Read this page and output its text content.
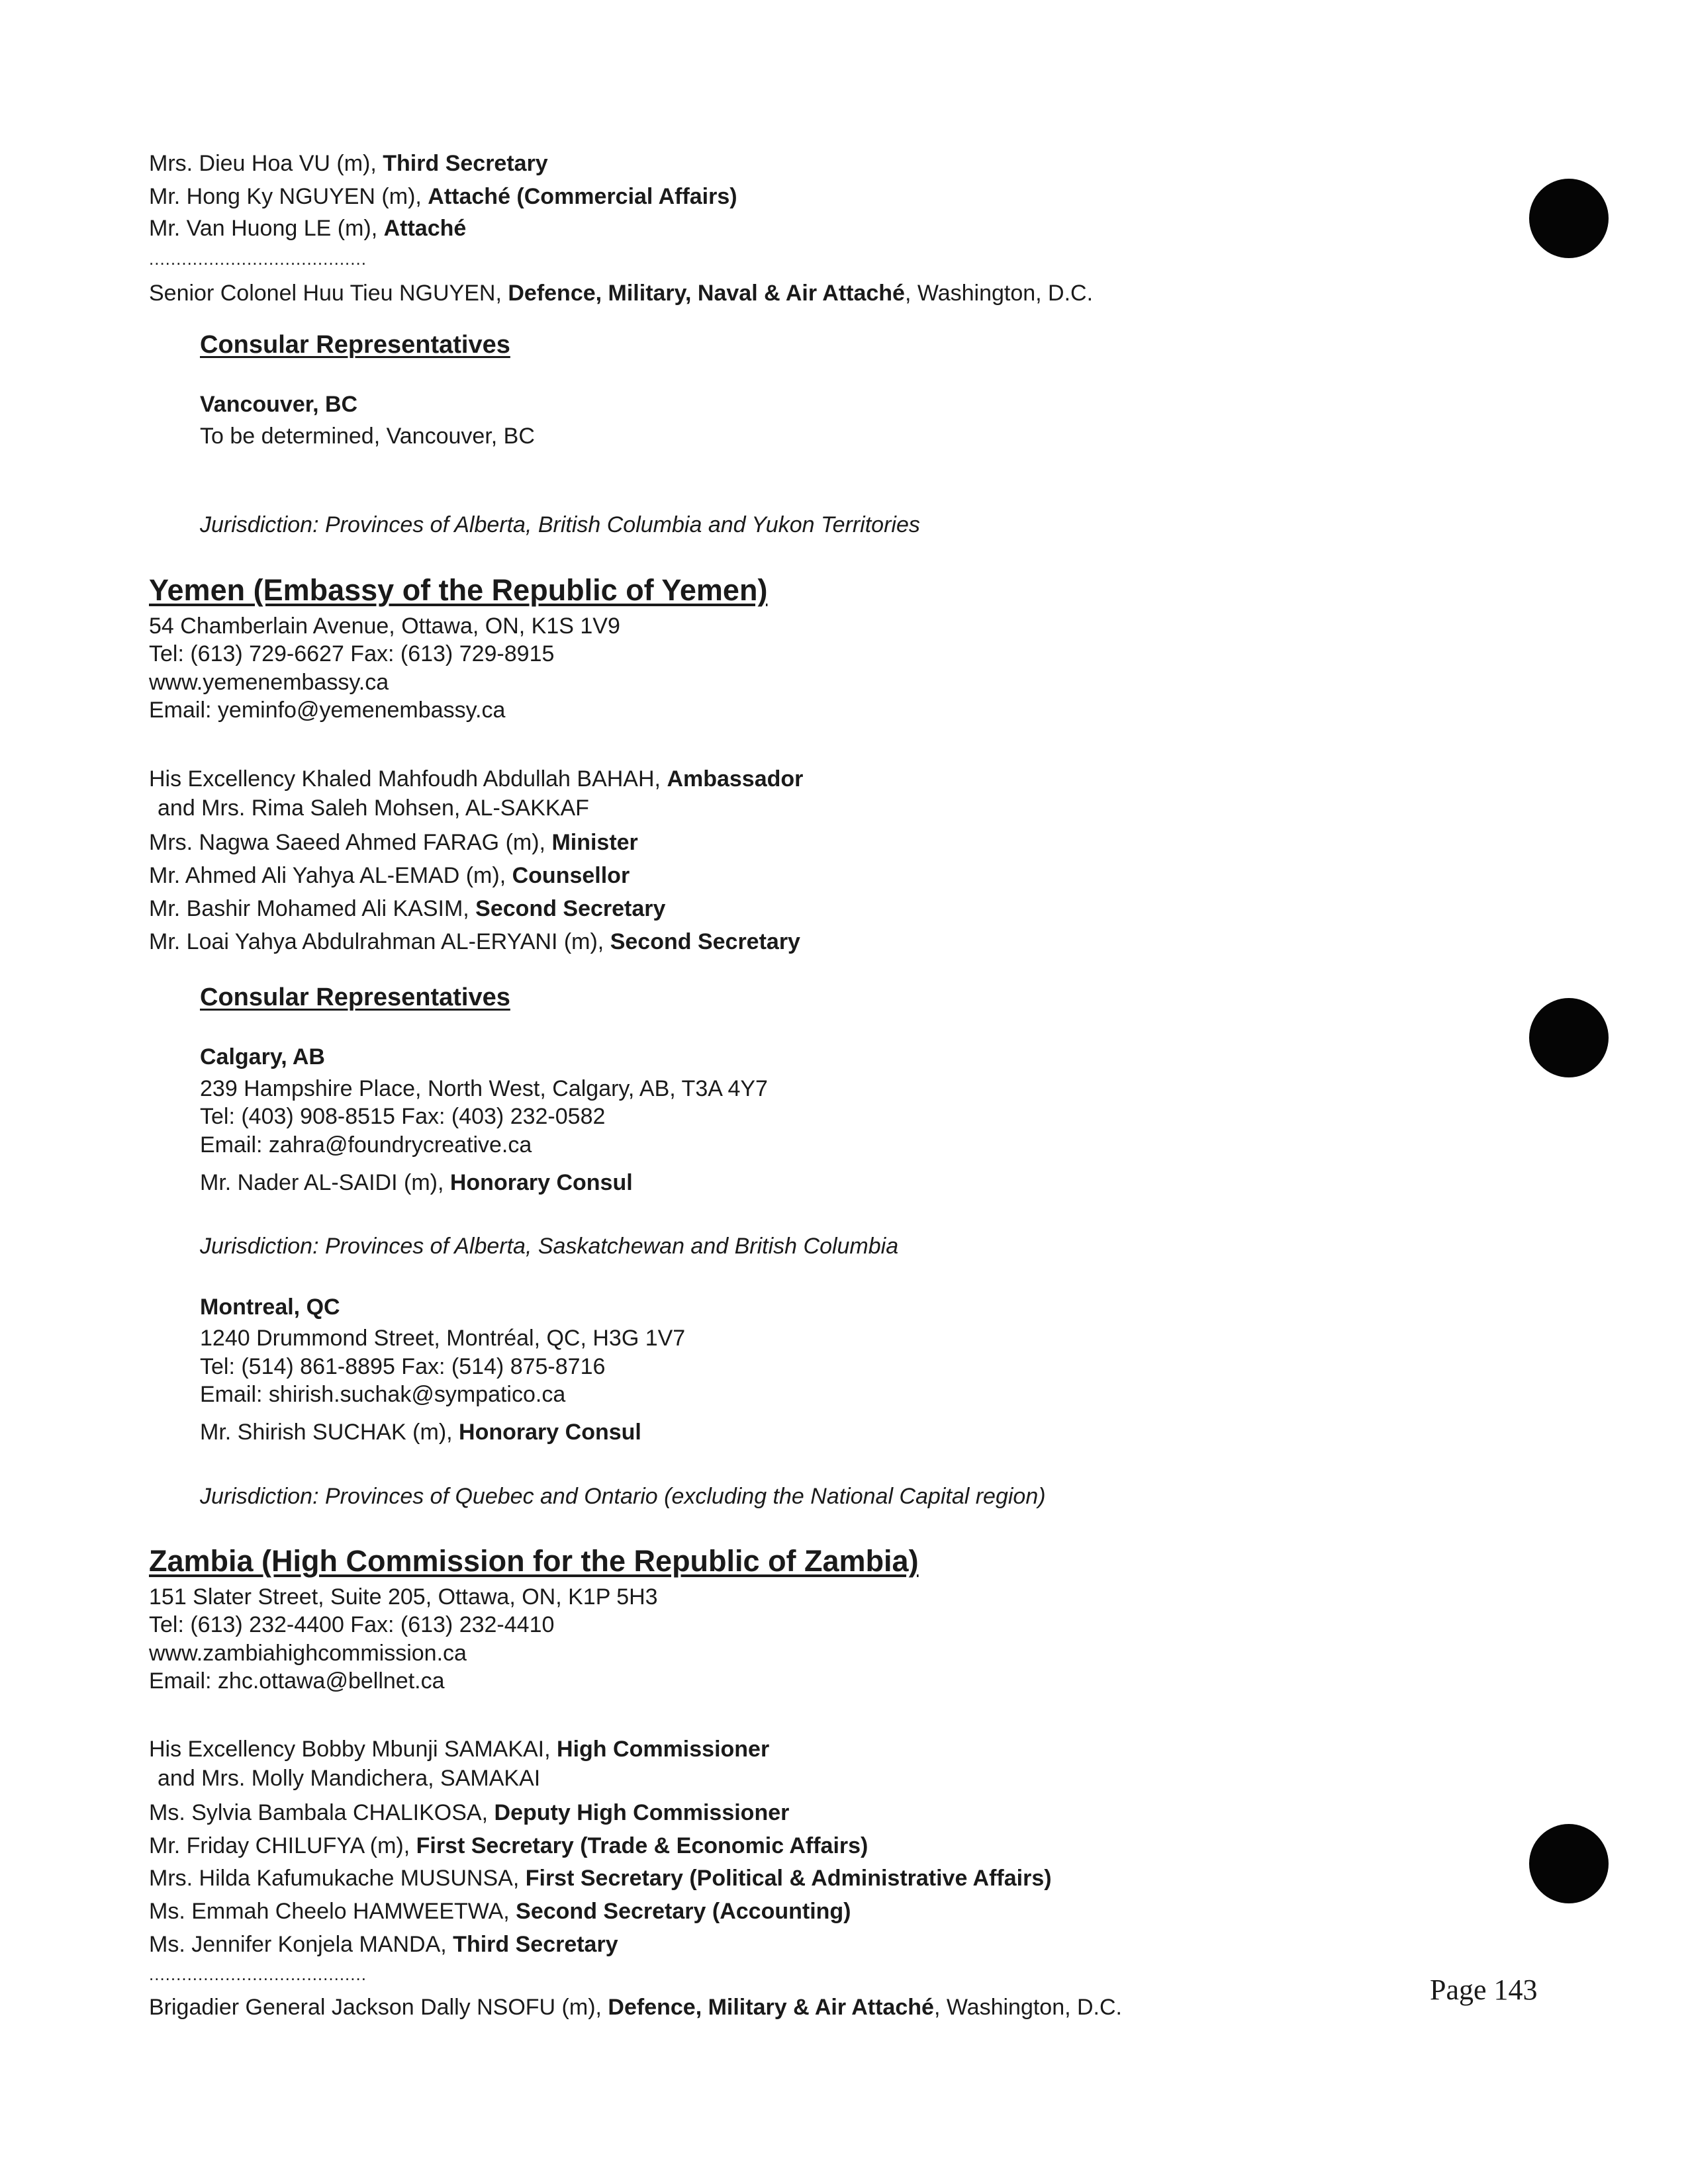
Mrs. Dieu Hoa VU (m), Third Secretary
Mr. Hong Ky NGUYEN (m), Attaché (Commercial Affairs)
Mr. Van Huong LE (m), Attaché
........................................
Senior Colonel Huu Tieu NGUYEN, Defence, Military, Naval & Air Attaché, Washington, D.C.
Consular Representatives
Vancouver, BC
To be determined, Vancouver, BC
Jurisdiction: Provinces of Alberta, British Columbia and Yukon Territories
Yemen (Embassy of the Republic of Yemen)
54 Chamberlain Avenue, Ottawa, ON, K1S 1V9
Tel: (613) 729-6627 Fax: (613) 729-8915
www.yemenembassy.ca
Email: yeminfo@yemenembassy.ca
His Excellency Khaled Mahfoudh Abdullah BAHAH, Ambassador
and Mrs. Rima Saleh Mohsen, AL-SAKKAF
Mrs. Nagwa Saeed Ahmed FARAG (m), Minister
Mr. Ahmed Ali Yahya AL-EMAD (m), Counsellor
Mr. Bashir Mohamed Ali KASIM, Second Secretary
Mr. Loai Yahya Abdulrahman AL-ERYANI (m), Second Secretary
Consular Representatives
Calgary, AB
239 Hampshire Place, North West, Calgary, AB, T3A 4Y7
Tel: (403) 908-8515 Fax: (403) 232-0582
Email: zahra@foundrycreative.ca
Mr. Nader AL-SAIDI (m), Honorary Consul
Jurisdiction: Provinces of Alberta, Saskatchewan and British Columbia
Montreal, QC
1240 Drummond Street, Montréal, QC, H3G 1V7
Tel: (514) 861-8895 Fax: (514) 875-8716
Email: shirish.suchak@sympatico.ca
Mr. Shirish SUCHAK (m), Honorary Consul
Jurisdiction: Provinces of Quebec and Ontario (excluding the National Capital region)
Zambia (High Commission for the Republic of Zambia)
151 Slater Street, Suite 205, Ottawa, ON, K1P 5H3
Tel: (613) 232-4400 Fax: (613) 232-4410
www.zambiahighcommission.ca
Email: zhc.ottawa@bellnet.ca
His Excellency Bobby Mbunji SAMAKAI, High Commissioner
and Mrs. Molly Mandichera, SAMAKAI
Ms. Sylvia Bambala CHALIKOSA, Deputy High Commissioner
Mr. Friday CHILUFYA (m), First Secretary (Trade & Economic Affairs)
Mrs. Hilda Kafumukache MUSUNSA, First Secretary (Political & Administrative Affairs)
Ms. Emmah Cheelo HAMWEETWA, Second Secretary (Accounting)
Ms. Jennifer Konjela MANDA, Third Secretary
........................................
Brigadier General Jackson Dally NSOFU (m), Defence, Military & Air Attaché, Washington, D.C.
Page 143
